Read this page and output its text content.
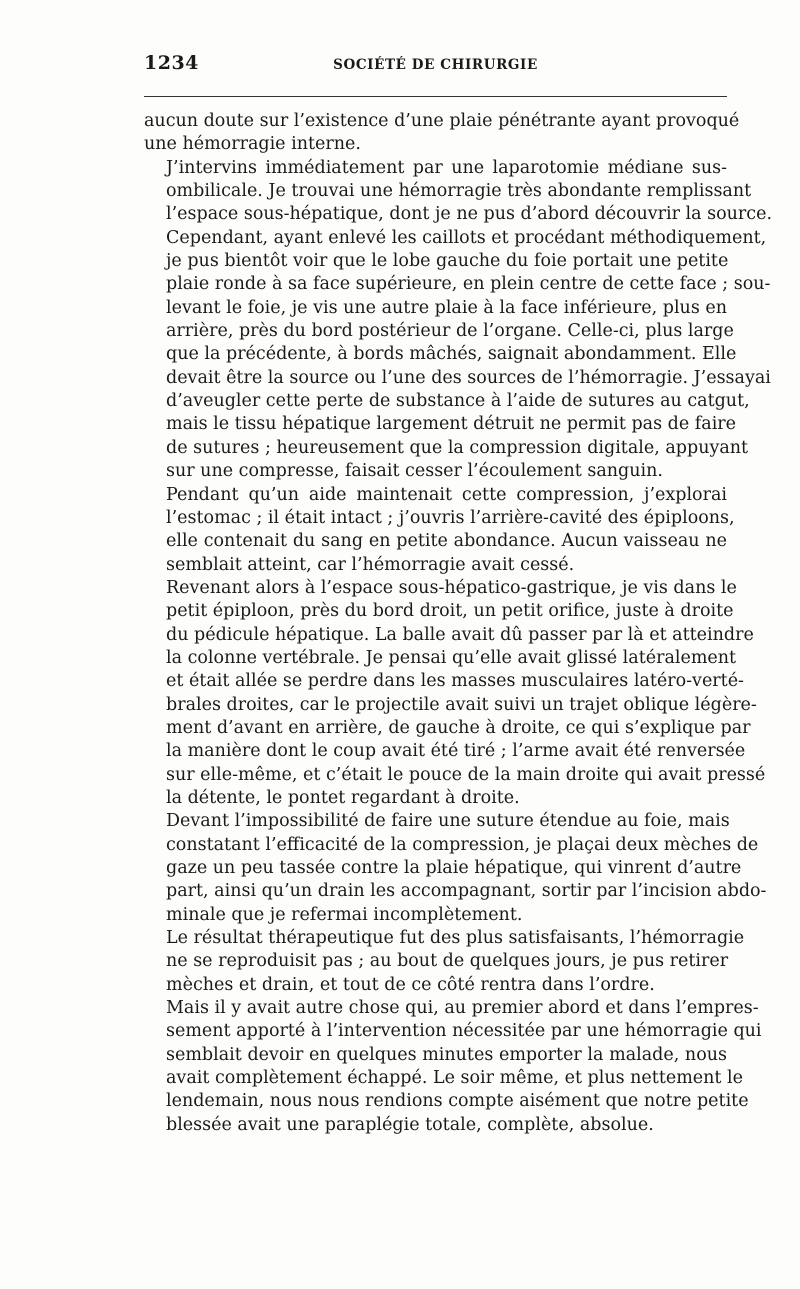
1234	SOCIÉTÉ DE CHIRURGIE

aucun doute sur l’existence d’une plaie pénétrante ayant provoqué
une hémorragie interne.

J’intervins immédiatement par une laparotomie médiane sus-
ombilicale. Je trouvai une hémorragie très abondante remplissant
l’espace sous-hépatique, dont je ne pus d’abord découvrir la source.
Cependant, ayant enlevé les caillots et procédant méthodiquement,
je pus bientôt voir que le lobe gauche du foie portait une petite
plaie ronde à sa face supérieure, en plein centre de cette face ; sou-
levant le foie, je vis une autre plaie à la face inférieure, plus en
arrière, près du bord postérieur de l’organe. Celle-ci, plus large
que la précédente, à bords mâchés, saignait abondamment. Elle
devait être la source ou l’une des sources de l’hémorragie. J’essayai
d’aveugler cette perte de substance à l’aide de sutures au catgut,
mais le tissu hépatique largement détruit ne permit pas de faire
de sutures ; heureusement que la compression digitale, appuyant
sur une compresse, faisait cesser l’écoulement sanguin.

Pendant qu’un aide maintenait cette compression, j’explorai
l’estomac ; il était intact ; j’ouvris l’arrière-cavité des épiploons,
elle contenait du sang en petite abondance. Aucun vaisseau ne
semblait atteint, car l’hémorragie avait cessé.

Revenant alors à l’espace sous-hépatico-gastrique, je vis dans le
petit épiploon, près du bord droit, un petit orifice, juste à droite
du pédicule hépatique. La balle avait dû passer par là et atteindre
la colonne vertébrale. Je pensai qu’elle avait glissé latéralement
et était allée se perdre dans les masses musculaires latéro-verté-
brales droites, car le projectile avait suivi un trajet oblique légère-
ment d’avant en arrière, de gauche à droite, ce qui s’explique par
la manière dont le coup avait été tiré ; l’arme avait été renversée
sur elle-même, et c’était le pouce de la main droite qui avait pressé
la détente, le pontet regardant à droite.

Devant l’impossibilité de faire une suture étendue au foie, mais
constatant l’efficacité de la compression, je plaçai deux mèches de
gaze un peu tassée contre la plaie hépatique, qui vinrent d’autre
part, ainsi qu’un drain les accompagnant, sortir par l’incision abdo-
minale que je refermai incomplètement.

Le résultat thérapeutique fut des plus satisfaisants, l’hémorragie
ne se reproduisit pas ; au bout de quelques jours, je pus retirer
mèches et drain, et tout de ce côté rentra dans l’ordre.

Mais il y avait autre chose qui, au premier abord et dans l’empres-
sement apporté à l’intervention nécessitée par une hémorragie qui
semblait devoir en quelques minutes emporter la malade, nous
avait complètement échappé. Le soir même, et plus nettement le
lendemain, nous nous rendions compte aisément que notre petite
blessée avait une paraplégie totale, complète, absolue.
